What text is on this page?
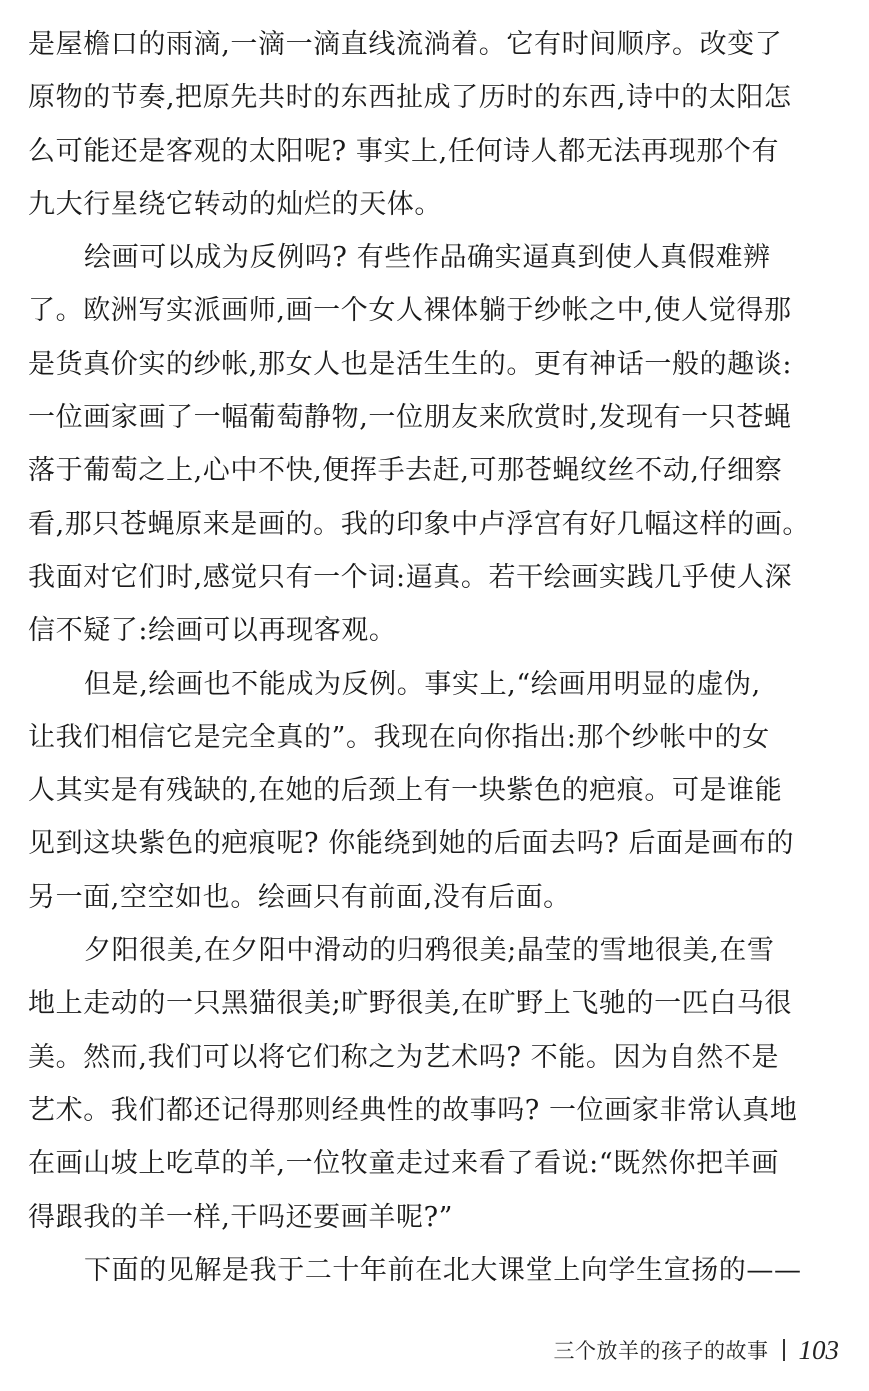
是屋檐口的雨滴,一滴一滴直线流淌着。它有时间顺序。改变了
原物的节奏,把原先共时的东西扯成了历时的东西,诗中的太阳怎
么可能还是客观的太阳呢? 事实上,任何诗人都无法再现那个有
九大行星绕它转动的灿烂的天体。
绘画可以成为反例吗? 有些作品确实逼真到使人真假难辨
了。欧洲写实派画师,画一个女人裸体躺于纱帐之中,使人觉得那
是货真价实的纱帐,那女人也是活生生的。更有神话一般的趣谈:
一位画家画了一幅葡萄静物,一位朋友来欣赏时,发现有一只苍蝇
落于葡萄之上,心中不快,便挥手去赶,可那苍蝇纹丝不动,仔细察
看,那只苍蝇原来是画的。我的印象中卢浮宫有好几幅这样的画。
我面对它们时,感觉只有一个词:逼真。若干绘画实践几乎使人深
信不疑了:绘画可以再现客观。
但是,绘画也不能成为反例。事实上,“绘画用明显的虚伪,
让我们相信它是完全真的”。我现在向你指出:那个纱帐中的女
人其实是有残缺的,在她的后颈上有一块紫色的疤痕。可是谁能
见到这块紫色的疤痕呢? 你能绕到她的后面去吗? 后面是画布的
另一面,空空如也。绘画只有前面,没有后面。
夕阳很美,在夕阳中滑动的归鸦很美;晶莹的雪地很美,在雪
地上走动的一只黑猫很美;旷野很美,在旷野上飞驰的一匹白马很
美。然而,我们可以将它们称之为艺术吗? 不能。因为自然不是
艺术。我们都还记得那则经典性的故事吗? 一位画家非常认真地
在画山坡上吃草的羊,一位牧童走过来看了看说:“既然你把羊画
得跟我的羊一样,干吗还要画羊呢?”
下面的见解是我于二十年前在北大课堂上向学生宣扬的——
三个放羊的孩子的故事 103
